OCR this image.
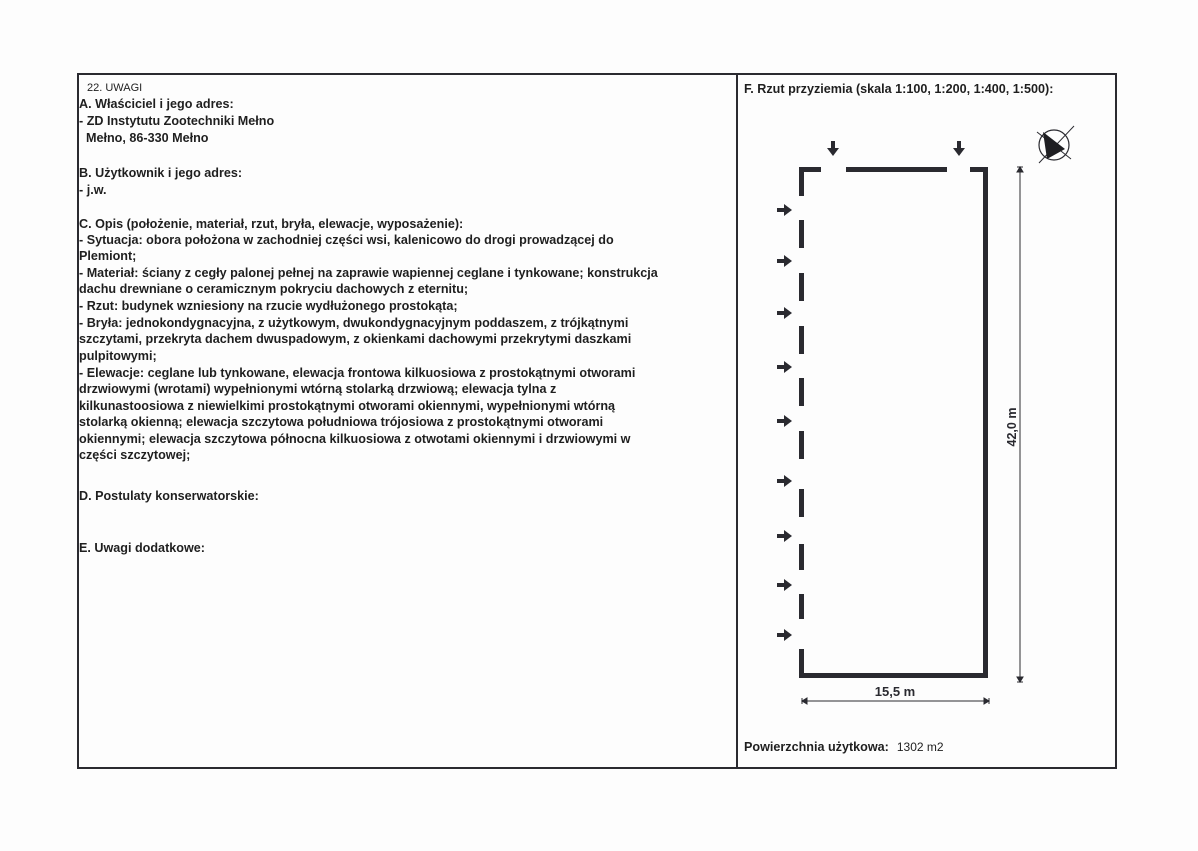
22. UWAGI
A. Właściciel i jego adres:
- ZD Instytutu Zootechniki Mełno
Mełno, 86-330 Mełno
B. Użytkownik i jego adres:
- j.w.
C. Opis (położenie, materiał, rzut, bryła, elewacje, wyposażenie):
- Sytuacja: obora położona w zachodniej części wsi, kalenicowo do drogi prowadzącej do
Plemiont;
- Materiał: ściany z cegły palonej pełnej na zaprawie wapiennej ceglane i tynkowane; konstrukcja
dachu drewniane o ceramicznym pokryciu dachowych z eternitu;
- Rzut: budynek wzniesiony na rzucie wydłużonego prostokąta;
- Bryła: jednokondygnacyjna, z użytkowym, dwukondygnacyjnym poddaszem, z trójkątnymi
szczytami, przekryta dachem dwuspadowym, z okienkami dachowymi przekrytymi daszkami
pulpitowymi;
- Elewacje: ceglane lub tynkowane, elewacja frontowa kilkuosiowa z prostokątnymi otworami
drzwiowymi (wrotami) wypełnionymi wtórną stolarką drzwiową; elewacja tylna z
kilkunastoosiowa z niewielkimi prostokątnymi otworami okiennymi, wypełnionymi wtórną
stolarką okienną; elewacja szczytowa południowa trójosiowa z prostokątnymi otworami
okiennymi; elewacja szczytowa północna kilkuosiowa z otwotami okiennymi i drzwiowymi w
części szczytowej;
D. Postulaty konserwatorskie:
E. Uwagi dodatkowe:
F. Rzut przyziemia (skala 1:100, 1:200, 1:400, 1:500):
42,0 m
15,5 m
Powierzchnia użytkowa: 1302 m2
